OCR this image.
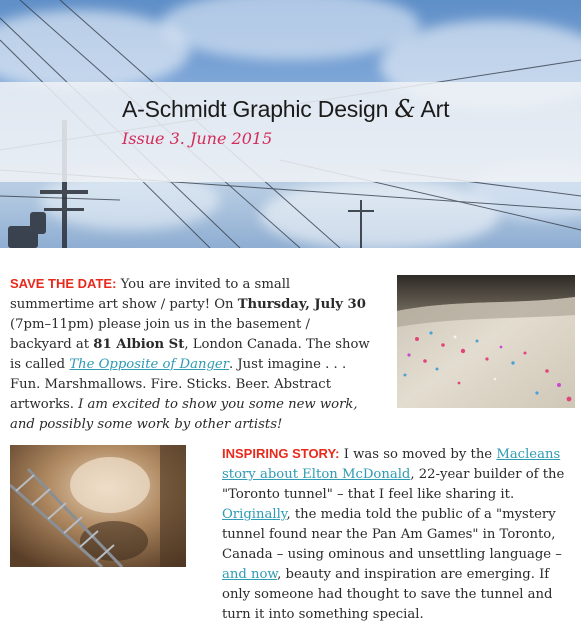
A-Schmidt Graphic Design & Art

Issue 3. June 2015

SAVE THE DATE: You are invited to a small summertime art show / party! On Thursday, July 30 (7pm–11pm) please join us in the basement / backyard at 81 Albion St, London Canada. The show is called The Opposite of Danger. Just imagine . . . Fun. Marshmallows. Fire. Sticks. Beer. Abstract artworks. I am excited to show you some new work, and possibly some work by other artists!

INSPIRING STORY: I was so moved by the Macleans story about Elton McDonald, 22-year builder of the "Toronto tunnel" – that I feel like sharing it. Originally, the media told the public of a "mystery tunnel found near the Pan Am Games" in Toronto, Canada – using ominous and unsettling language – and now, beauty and inspiration are emerging. If only someone had thought to save the tunnel and turn it into something special.
